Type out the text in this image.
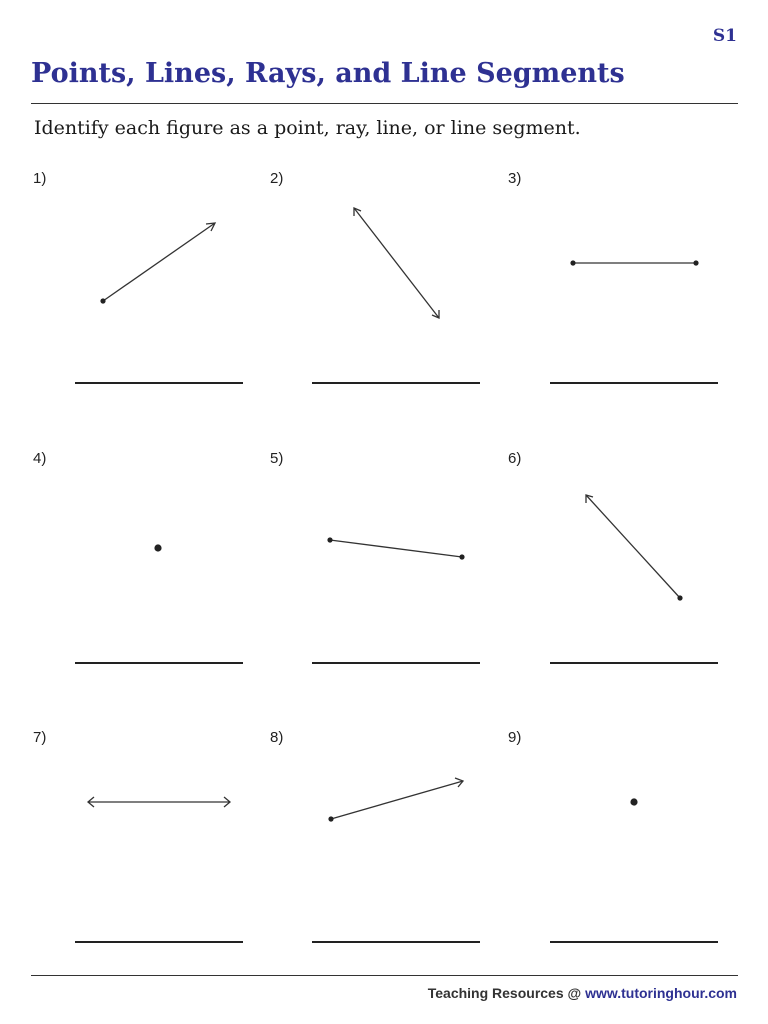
S1
Points, Lines, Rays, and Line Segments
Identify each figure as a point, ray, line, or line segment.
1)	2)	3)
4)	5)	6)
7)	8)	9)
Teaching Resources @ www.tutoringhour.com
